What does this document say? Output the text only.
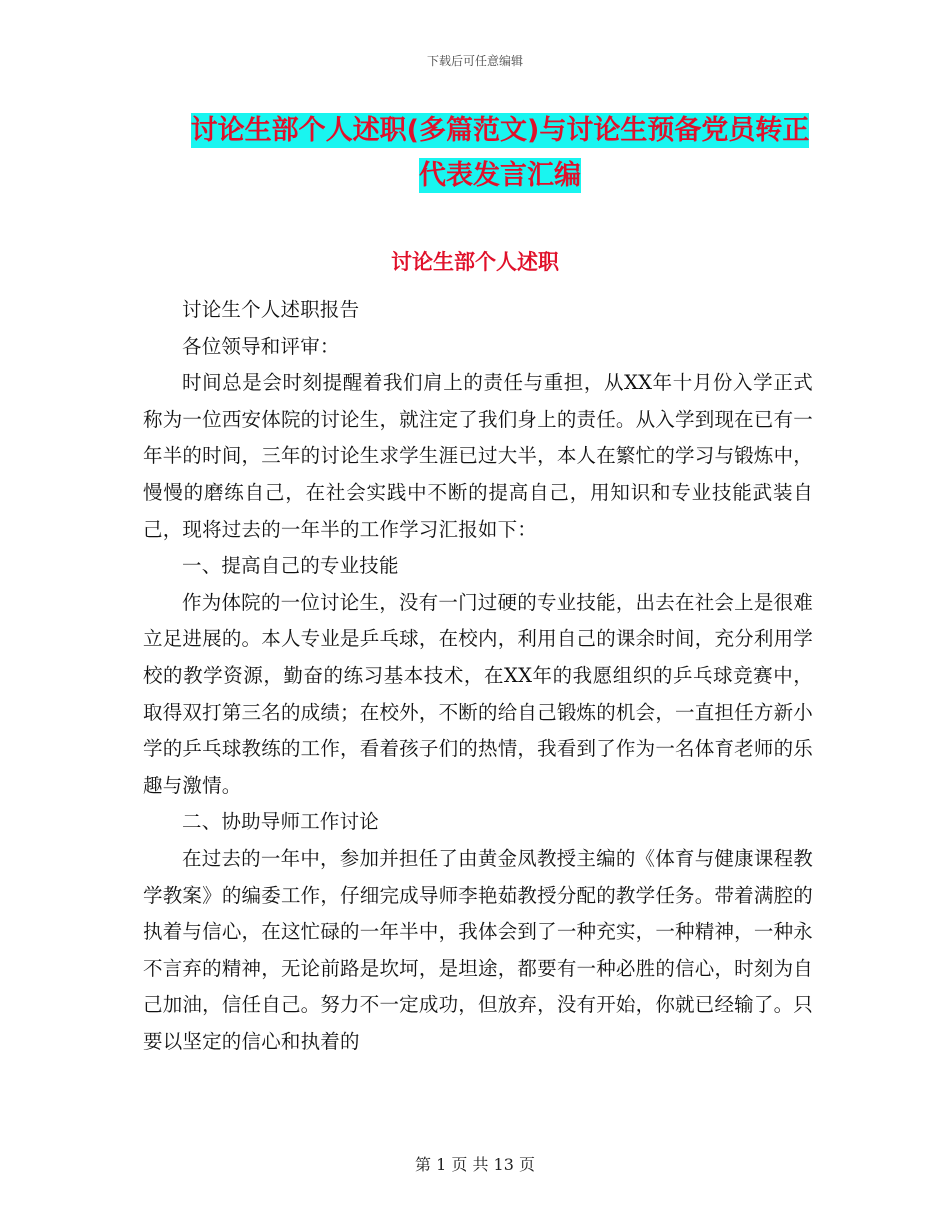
下载后可任意编辑
讨论生部个人述职(多篇范文)与讨论生预备党员转正
代表发言汇编
讨论生部个人述职

讨论生个人述职报告

各位领导和评审：

时间总是会时刻提醒着我们肩上的责任与重担，从XX年十月份入学正式称为一位西安体院的讨论生，就注定了我们身上的责任。从入学到现在已有一年半的时间，三年的讨论生求学生涯已过大半，本人在繁忙的学习与锻炼中，慢慢的磨练自己，在社会实践中不断的提高自己，用知识和专业技能武装自己，现将过去的一年半的工作学习汇报如下：

一、提高自己的专业技能

作为体院的一位讨论生，没有一门过硬的专业技能，出去在社会上是很难立足进展的。本人专业是乒乓球，在校内，利用自己的课余时间，充分利用学校的教学资源，勤奋的练习基本技术，在XX年的我愿组织的乒乓球竞赛中，取得双打第三名的成绩；在校外，不断的给自己锻炼的机会，一直担任方新小学的乒乓球教练的工作，看着孩子们的热情，我看到了作为一名体育老师的乐趣与激情。

二、协助导师工作讨论

在过去的一年中，参加并担任了由黄金凤教授主编的《体育与健康课程教学教案》的编委工作，仔细完成导师李艳茹教授分配的教学任务。带着满腔的执着与信心，在这忙碌的一年半中，我体会到了一种充实，一种精神，一种永不言弃的精神，无论前路是坎坷，是坦途，都要有一种必胜的信心，时刻为自己加油，信任自己。努力不一定成功，但放弃，没有开始，你就已经输了。只要以坚定的信心和执着的

第 1 页 共 13 页
